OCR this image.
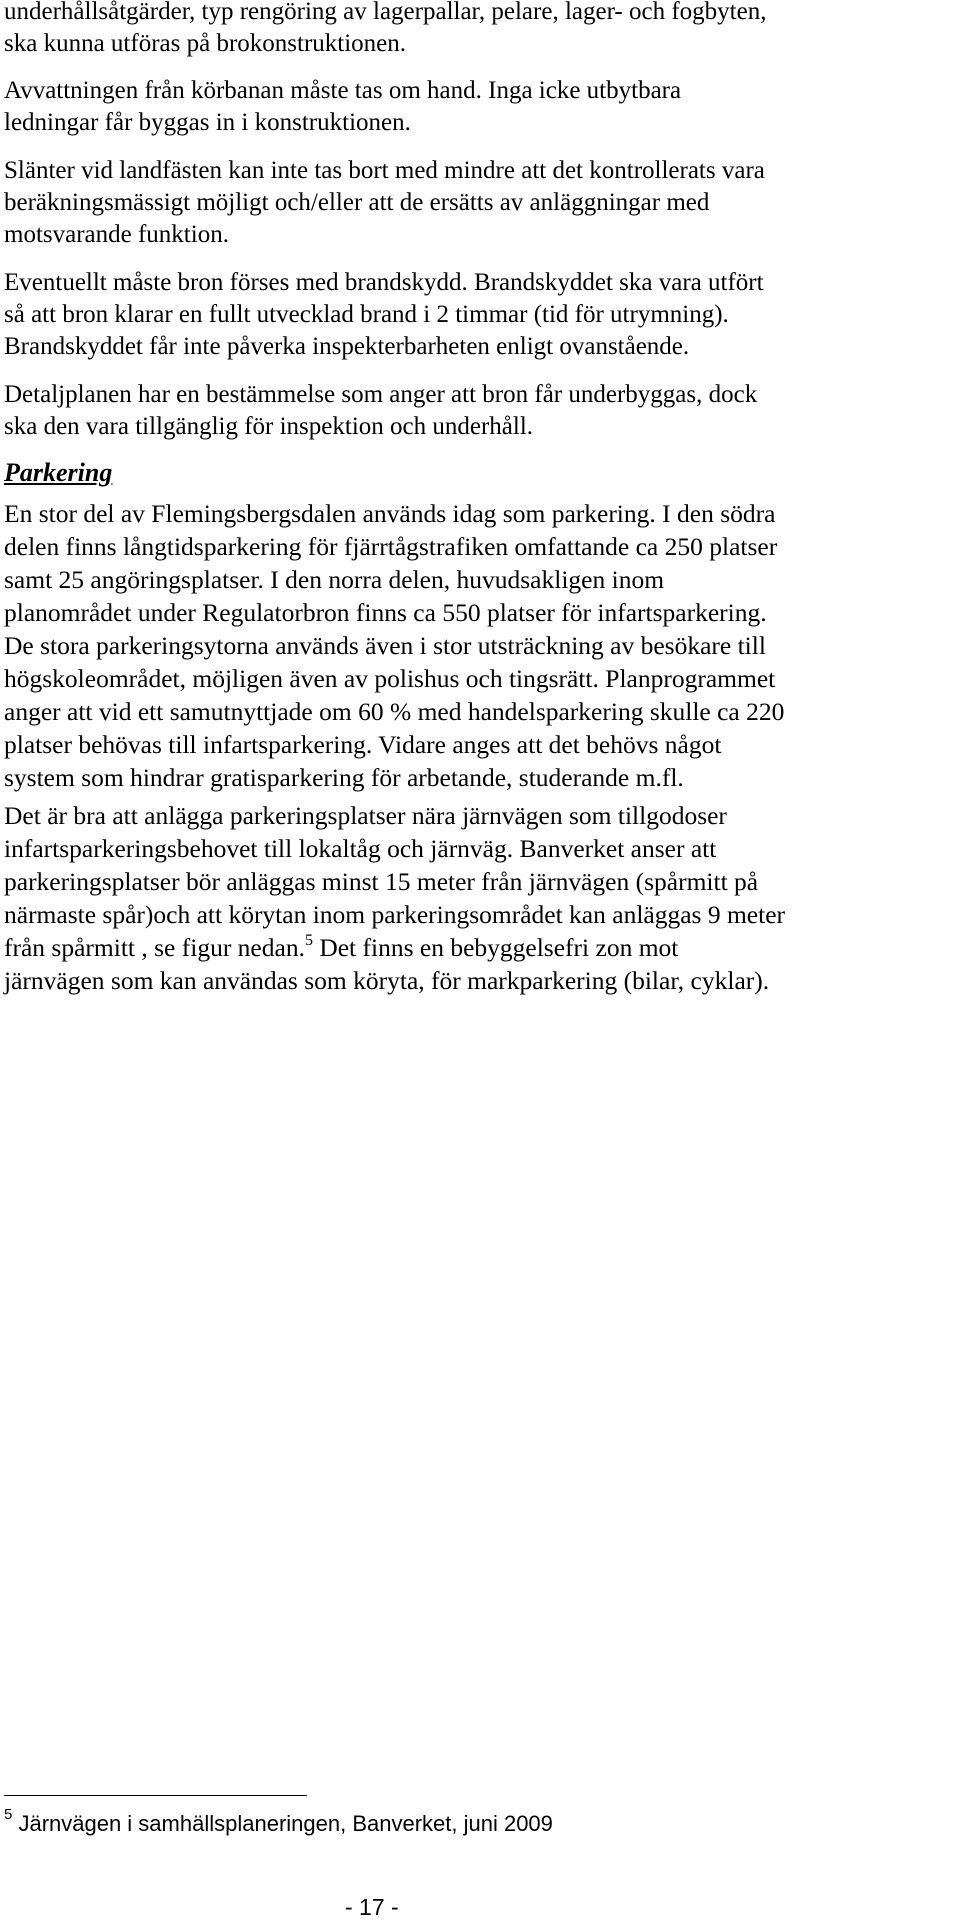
underhållsåtgärder, typ rengöring av lagerpallar, pelare, lager- och fogbyten,
ska kunna utföras på brokonstruktionen.

Avvattningen från körbanan måste tas om hand. Inga icke utbytbara
ledningar får byggas in i konstruktionen.

Slänter vid landfästen kan inte tas bort med mindre att det kontrollerats vara
beräkningsmässigt möjligt och/eller att de ersätts av anläggningar med
motsvarande funktion.

Eventuellt måste bron förses med brandskydd. Brandskyddet ska vara utfört
så att bron klarar en fullt utvecklad brand i 2 timmar (tid för utrymning).
Brandskyddet får inte påverka inspekterbarheten enligt ovanstående.

Detaljplanen har en bestämmelse som anger att bron får underbyggas, dock
ska den vara tillgänglig för inspektion och underhåll.

Parkering

En stor del av Flemingsbergsdalen används idag som parkering. I den södra
delen finns långtidsparkering för fjärrtågstrafiken omfattande ca 250 platser
samt 25 angöringsplatser. I den norra delen, huvudsakligen inom
planområdet under Regulatorbron finns ca 550 platser för infartsparkering.
De stora parkeringsytorna används även i stor utsträckning av besökare till
högskoleområdet, möjligen även av polishus och tingsrätt. Planprogrammet
anger att vid ett samutnyttjade om 60 % med handelsparkering skulle ca 220
platser behövas till infartsparkering. Vidare anges att det behövs något
system som hindrar gratisparkering för arbetande, studerande m.fl.

Det är bra att anlägga parkeringsplatser nära järnvägen som tillgodoser
infartsparkeringsbehovet till lokaltåg och järnväg. Banverket anser att
parkeringsplatser bör anläggas minst 15 meter från järnvägen (spårmitt på
närmaste spår)och att körytan inom parkeringsområdet kan anläggas 9 meter
från spårmitt , se figur nedan.$^5$ Det finns en bebyggelsefri zon mot
järnvägen som kan användas som köryta, för markparkering (bilar, cyklar).

$^5$ Järnvägen i samhällsplaneringen, Banverket, juni 2009

- 17 -
